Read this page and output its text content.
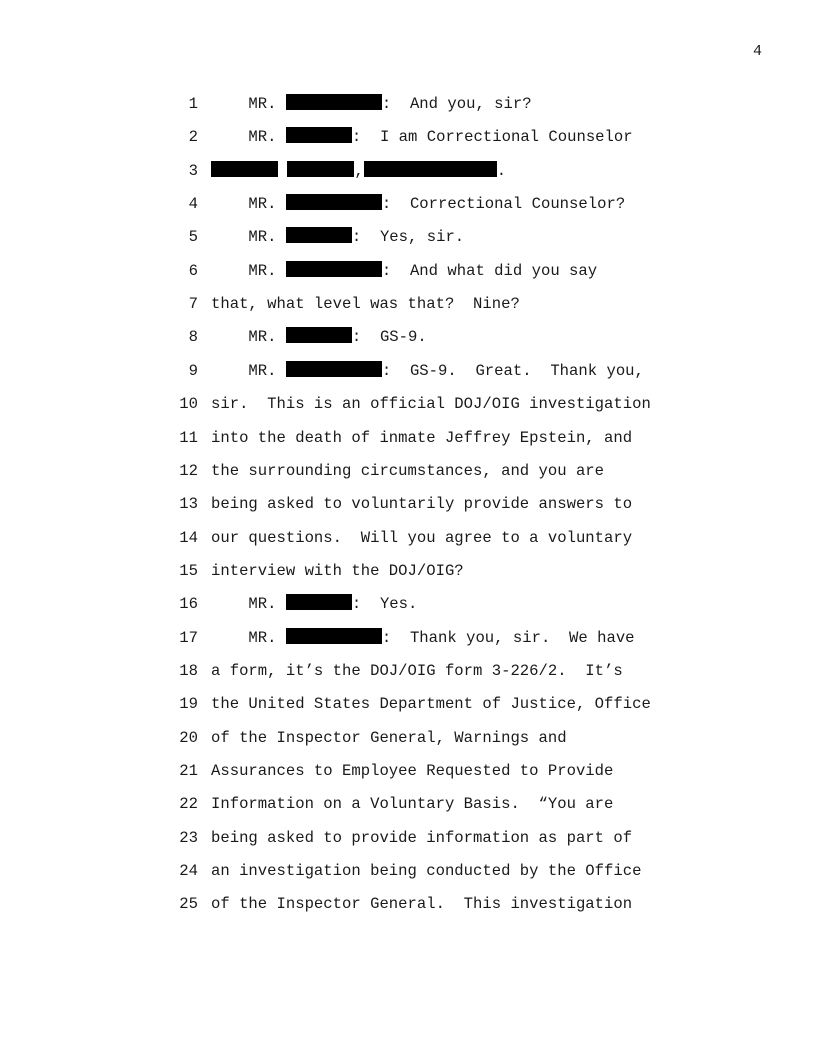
4
1 MR.	:  And you, sir?
2 MR.	:  I am Correctional Counselor
3	,	.
4 MR.	:  Correctional Counselor?
5 MR.	:  Yes, sir.
6 MR.	:  And what did you say
7 that, what level was that?  Nine?
8 MR.	:  GS-9.
9 MR.	:  GS-9.  Great.  Thank you,
10 sir.  This is an official DOJ/OIG investigation
11 into the death of inmate Jeffrey Epstein, and
12 the surrounding circumstances, and you are
13 being asked to voluntarily provide answers to
14 our questions.  Will you agree to a voluntary
15 interview with the DOJ/OIG?
16 MR.	:  Yes.
17 MR.	:  Thank you, sir.  We have
18 a form, it’s the DOJ/OIG form 3-226/2.  It’s
19 the United States Department of Justice, Office
20 of the Inspector General, Warnings and
21 Assurances to Employee Requested to Provide
22 Information on a Voluntary Basis.  “You are
23 being asked to provide information as part of
24 an investigation being conducted by the Office
25 of the Inspector General.  This investigation
